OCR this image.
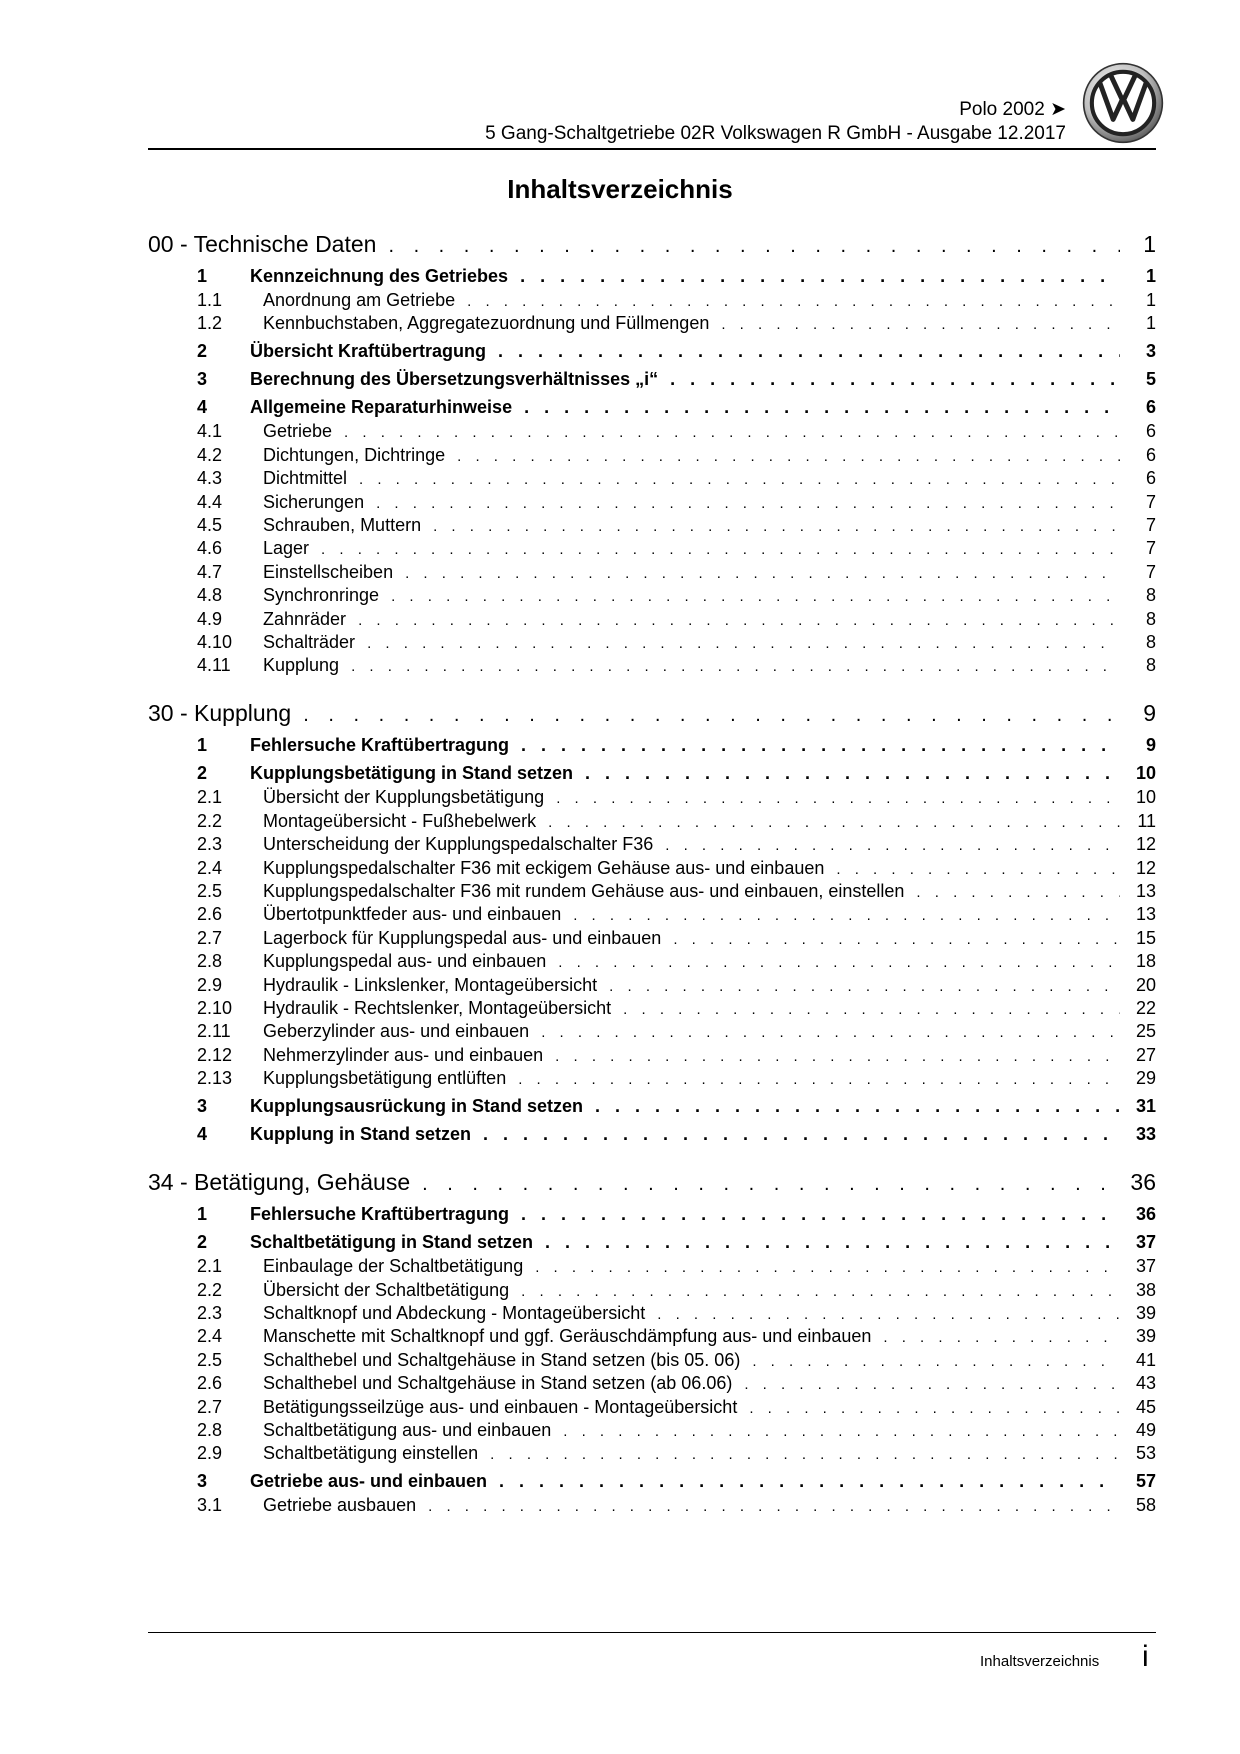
Polo 2002 ➤
5 Gang-Schaltgetriebe 02R Volkswagen R GmbH - Ausgabe 12.2017
Inhaltsverzeichnis
00 - Technische Daten . . .	1
1	Kennzeichnung des Getriebes . . .	1
1.1	Anordnung am Getriebe . . .	1
1.2	Kennbuchstaben, Aggregatezuordnung und Füllmengen . . .	1
2	Übersicht Kraftübertragung . . .	3
3	Berechnung des Übersetzungsverhältnisses „i“ . . .	5
4	Allgemeine Reparaturhinweise . . .	6
4.1	Getriebe . . .	6
4.2	Dichtungen, Dichtringe . . .	6
4.3	Dichtmittel . . .	6
4.4	Sicherungen . . .	7
4.5	Schrauben, Muttern . . .	7
4.6	Lager . . .	7
4.7	Einstellscheiben . . .	7
4.8	Synchronringe . . .	8
4.9	Zahnräder . . .	8
4.10	Schalträder . . .	8
4.11	Kupplung . . .	8
30 - Kupplung . . .	9
1	Fehlersuche Kraftübertragung . . .	9
2	Kupplungsbetätigung in Stand setzen . . .	10
2.1	Übersicht der Kupplungsbetätigung . . .	10
2.2	Montageübersicht - Fußhebelwerk . . .	11
2.3	Unterscheidung der Kupplungspedalschalter F36 . . .	12
2.4	Kupplungspedalschalter F36 mit eckigem Gehäuse aus- und einbauen . . .	12
2.5	Kupplungspedalschalter F36 mit rundem Gehäuse aus- und einbauen, einstellen . . .	13
2.6	Übertotpunktfeder aus- und einbauen . . .	13
2.7	Lagerbock für Kupplungspedal aus- und einbauen . . .	15
2.8	Kupplungspedal aus- und einbauen . . .	18
2.9	Hydraulik - Linkslenker, Montageübersicht . . .	20
2.10	Hydraulik - Rechtslenker, Montageübersicht . . .	22
2.11	Geberzylinder aus- und einbauen . . .	25
2.12	Nehmerzylinder aus- und einbauen . . .	27
2.13	Kupplungsbetätigung entlüften . . .	29
3	Kupplungsausrückung in Stand setzen . . .	31
4	Kupplung in Stand setzen . . .	33
34 - Betätigung, Gehäuse . . .	36
1	Fehlersuche Kraftübertragung . . .	36
2	Schaltbetätigung in Stand setzen . . .	37
2.1	Einbaulage der Schaltbetätigung . . .	37
2.2	Übersicht der Schaltbetätigung . . .	38
2.3	Schaltknopf und Abdeckung - Montageübersicht . . .	39
2.4	Manschette mit Schaltknopf und ggf. Geräuschdämpfung aus- und einbauen . . .	39
2.5	Schalthebel und Schaltgehäuse in Stand setzen (bis 05. 06) . . .	41
2.6	Schalthebel und Schaltgehäuse in Stand setzen (ab 06.06) . . .	43
2.7	Betätigungsseilzüge aus- und einbauen - Montageübersicht . . .	45
2.8	Schaltbetätigung aus- und einbauen . . .	49
2.9	Schaltbetätigung einstellen . . .	53
3	Getriebe aus- und einbauen . . .	57
3.1	Getriebe ausbauen . . .	58
Inhaltsverzeichnis i
